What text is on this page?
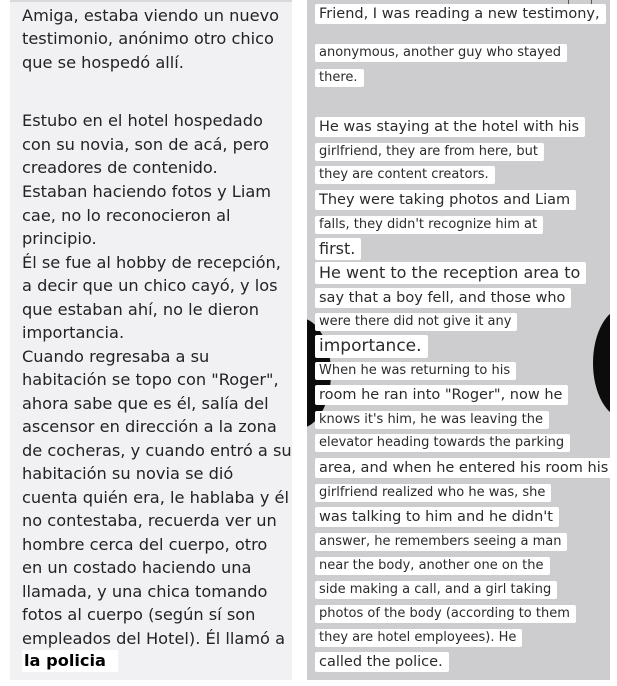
Amiga, estaba viendo un nuevo

testimonio, anónimo otro chico

que se hospedó allí.

Estubo en el hotel hospedado

con su novia, son de acá, pero

creadores de contenido.

Estaban haciendo fotos y Liam

cae, no lo reconocieron al

principio.

Él se fue al hobby de recepción,

a decir que un chico cayó, y los

que estaban ahí, no le dieron

importancia.

Cuando regresaba a su

habitación se topo con "Roger",

ahora sabe que es él, salía del

ascensor en dirección a la zona

de cocheras, y cuando entró a su

habitación su novia se dió

cuenta quién era, le hablaba y él

no contestaba, recuerda ver un

hombre cerca del cuerpo, otro

en un costado haciendo una

llamada, y una chica tomando

fotos al cuerpo (según sí son

empleados del Hotel). Él llamó a

la policia

Friend, I was reading a new testimony,

anonymous, another guy who stayed

there.

He was staying at the hotel with his

girlfriend, they are from here, but

they are content creators.

They were taking photos and Liam

falls, they didn't recognize him at

first.

He went to the reception area to

say that a boy fell, and those who

were there did not give it any

importance.

When he was returning to his

room he ran into "Roger", now he

knows it's him, he was leaving the

elevator heading towards the parking

area, and when he entered his room his

girlfriend realized who he was, she

was talking to him and he didn't

answer, he remembers seeing a man

near the body, another one on the

side making a call, and a girl taking

photos of the body (according to them

they are hotel employees). He

called the police.
